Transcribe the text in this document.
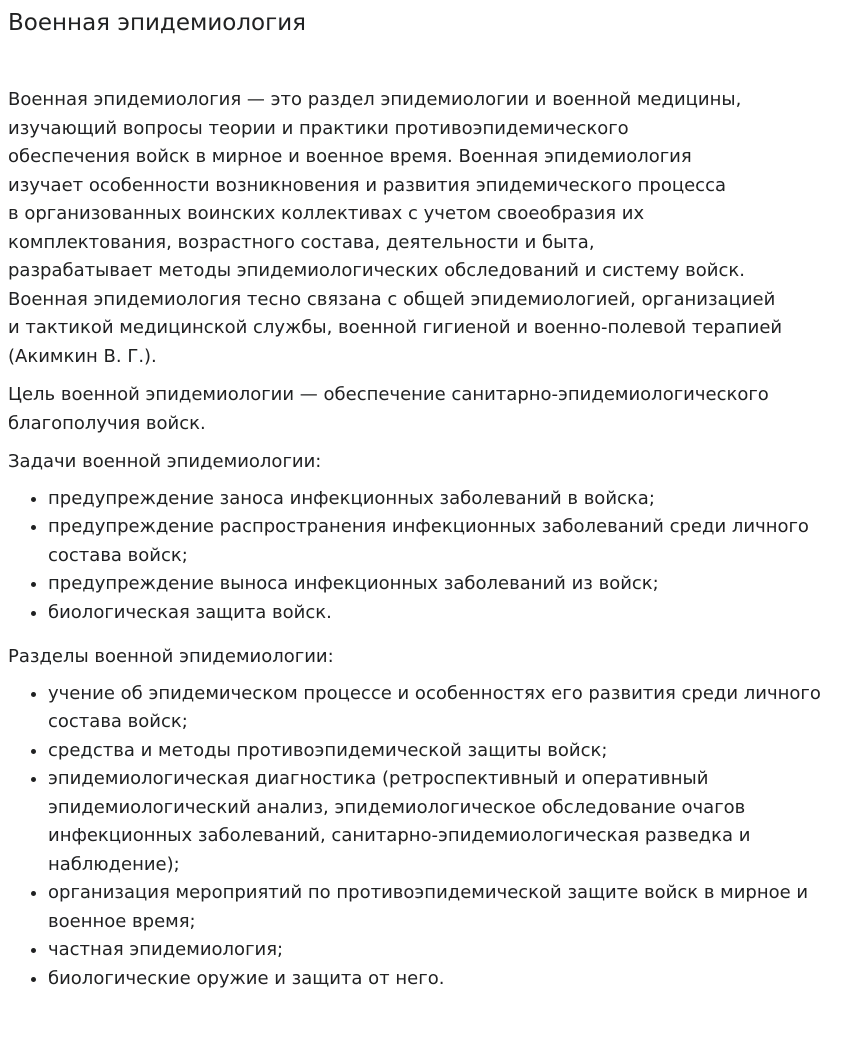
Военная эпидемиология

Военная эпидемиология — это раздел эпидемиологии и военной медицины,
изучающий вопросы теории и практики противоэпидемического
обеспечения войск в мирное и военное время. Военная эпидемиология
изучает особенности возникновения и развития эпидемического процесса
в организованных воинских коллективах с учетом своеобразия их
комплектования, возрастного состава, деятельности и быта,
разрабатывает методы эпидемиологических обследований и систему войск.
Военная эпидемиология тесно связана с общей эпидемиологией, организацией
и тактикой медицинской службы, военной гигиеной и военно-полевой терапией
(Акимкин В. Г.).

Цель военной эпидемиологии — обеспечение санитарно-эпидемиологического благополучия войск.

Задачи военной эпидемиологии:

• предупреждение заноса инфекционных заболеваний в войска;
• предупреждение распространения инфекционных заболеваний среди личного состава войск;
• предупреждение выноса инфекционных заболеваний из войск;
• биологическая защита войск.

Разделы военной эпидемиологии:

• учение об эпидемическом процессе и особенностях его развития среди личного состава войск;
• средства и методы противоэпидемической защиты войск;
• эпидемиологическая диагностика (ретроспективный и оперативный эпидемиологический анализ, эпидемиологическое обследование очагов инфекционных заболеваний, санитарно-эпидемиологическая разведка и наблюдение);
• организация мероприятий по противоэпидемической защите войск в мирное и военное время;
• частная эпидемиология;
• биологические оружие и защита от него.
